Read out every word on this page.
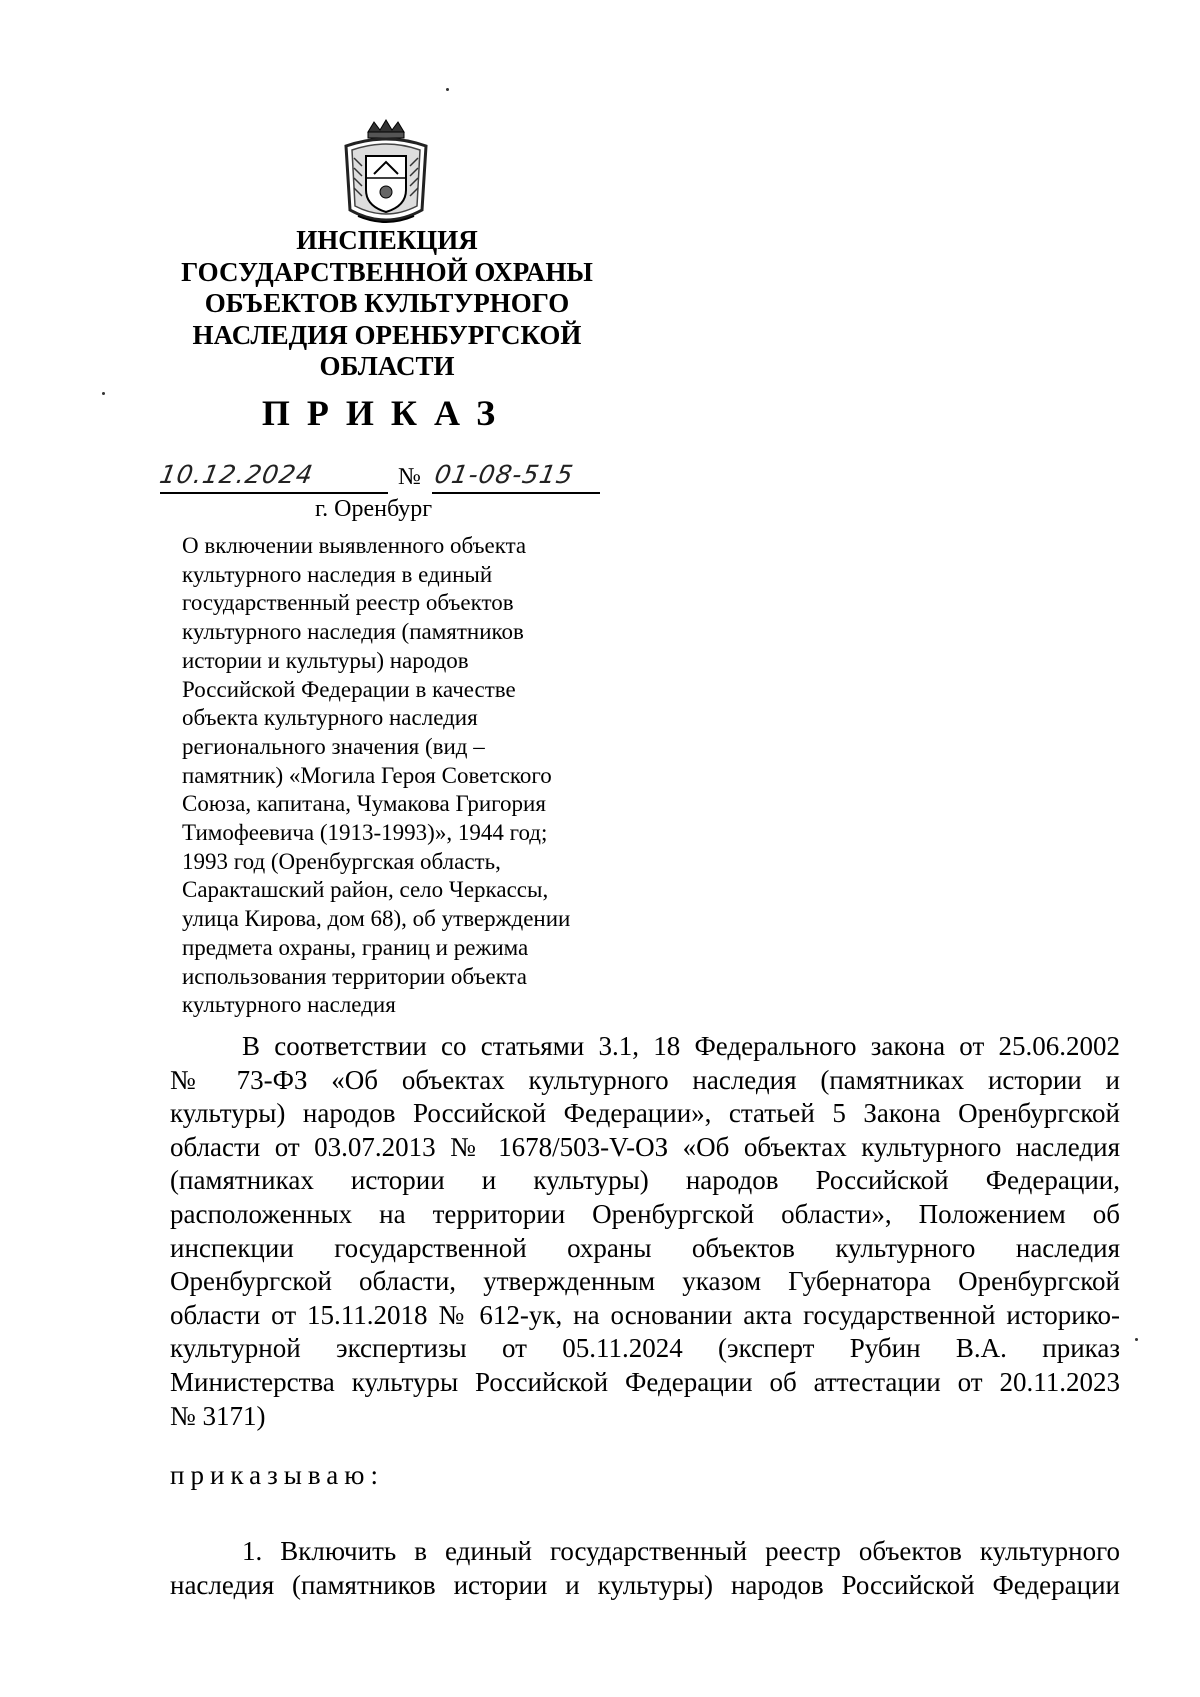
ИНСПЕКЦИЯ
ГОСУДАРСТВЕННОЙ ОХРАНЫ
ОБЪЕКТОВ КУЛЬТУРНОГО
НАСЛЕДИЯ ОРЕНБУРГСКОЙ
ОБЛАСТИ
ПРИКАЗ
10.12.2024	№ 01-08-515
г. Оренбург
О включении выявленного объекта
культурного наследия в единый
государственный реестр объектов
культурного наследия (памятников
истории и культуры) народов
Российской Федерации в качестве
объекта культурного наследия
регионального значения (вид –
памятник) «Могила Героя Советского
Союза, капитана, Чумакова Григория
Тимофеевича (1913-1993)», 1944 год;
1993 год (Оренбургская область,
Саракташский район, село Черкассы,
улица Кирова, дом 68), об утверждении
предмета охраны, границ и режима
использования территории объекта
культурного наследия
В соответствии со статьями 3.1, 18 Федерального закона от 25.06.2002
№ 73-ФЗ «Об объектах культурного наследия (памятниках истории и
культуры) народов Российской Федерации», статьей 5 Закона Оренбургской
области от 03.07.2013 № 1678/503-V-ОЗ «Об объектах культурного наследия
(памятниках истории и культуры) народов Российской Федерации,
расположенных на территории Оренбургской области», Положением об
инспекции государственной охраны объектов культурного наследия
Оренбургской области, утвержденным указом Губернатора Оренбургской
области от 15.11.2018 № 612-ук, на основании акта государственной историко-
культурной экспертизы от 05.11.2024 (эксперт Рубин В.А. приказ
Министерства культуры Российской Федерации об аттестации от 20.11.2023
№ 3171)
приказываю:
1. Включить в единый государственный реестр объектов культурного
наследия (памятников истории и культуры) народов Российской Федерации
